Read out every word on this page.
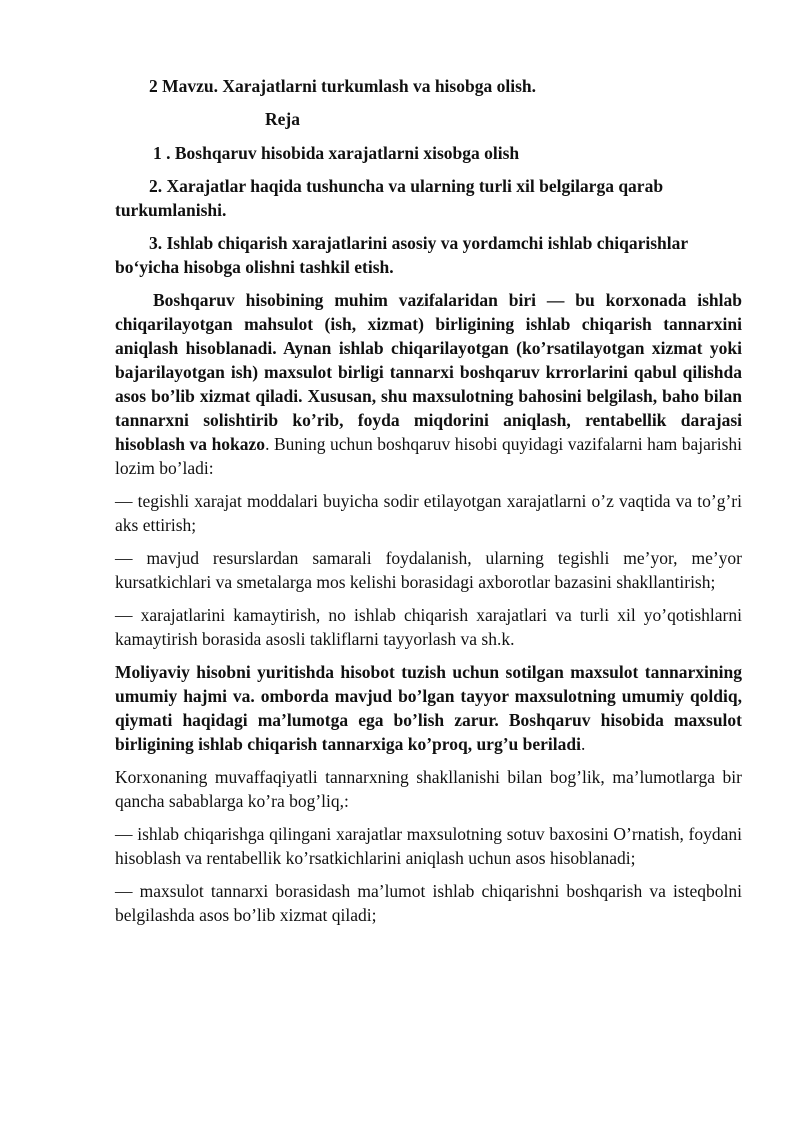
2 Mavzu. Xarajatlarni turkumlash va hisobga olish.
Reja
1 . Boshqaruv hisobida xarajatlarni xisobga olish
2. Xarajatlar haqida tushuncha va ularning turli xil belgilarga qarab turkumlanishi.
3. Ishlab chiqarish xarajatlarini asosiy va yordamchi ishlab chiqarishlar bo‘yicha hisobga olishni tashkil etish.

Boshqaruv hisobining muhim vazifalaridan biri — bu korxonada ishlab chiqarilayotgan mahsulot (ish, xizmat) birligining ishlab chiqarish tannarxini aniqlash hisoblanadi. Aynan ishlab chiqarilayotgan (ko’rsatilayotgan xizmat yoki bajarilayotgan ish) maxsulot birligi tannarxi boshqaruv krrorlarini qabul qilishda asos bo’lib xizmat qiladi. Xususan, shu maxsulotning bahosini belgilash, baho bilan tannarxni solishtirib ko’rib, foyda miqdorini aniqlash, rentabellik darajasi hisoblash va hokazo. Buning uchun boshqaruv hisobi quyidagi vazifalarni ham bajarishi lozim bo’ladi:

— tegishli xarajat moddalari buyicha sodir etilayotgan xarajatlarni o’z vaqtida va to’g’ri aks ettirish;

— mavjud resurslardan samarali foydalanish, ularning tegishli me’yor, me’yor kursatkichlari va smetalarga mos kelishi borasidagi axborotlar bazasini shakllantirish;

— xarajatlarini kamaytirish, no ishlab chiqarish xarajatlari va turli xil yo’qotishlarni kamaytirish borasida asosli takliflarni tayyorlash va sh.k.

Moliyaviy hisobni yuritishda hisobot tuzish uchun sotilgan maxsulot tannarxining umumiy hajmi va. omborda mavjud bo’lgan tayyor maxsulotning umumiy qoldiq, qiymati haqidagi ma’lumotga ega bo’lish zarur. Boshqaruv hisobida maxsulot birligining ishlab chiqarish tannarxiga ko’proq, urg’u beriladi.

Korxonaning muvaffaqiyatli tannarxning shakllanishi bilan bog’lik, ma’lumotlarga bir qancha sabablarga ko’ra bog’liq,:

— ishlab chiqarishga qilingani xarajatlar maxsulotning sotuv baxosini O’rnatish, foydani hisoblash va rentabellik ko’rsatkichlarini aniqlash uchun asos hisoblanadi;

— maxsulot tannarxi borasidash ma’lumot ishlab chiqarishni boshqarish va isteqbolni belgilashda asos bo’lib xizmat qiladi;
